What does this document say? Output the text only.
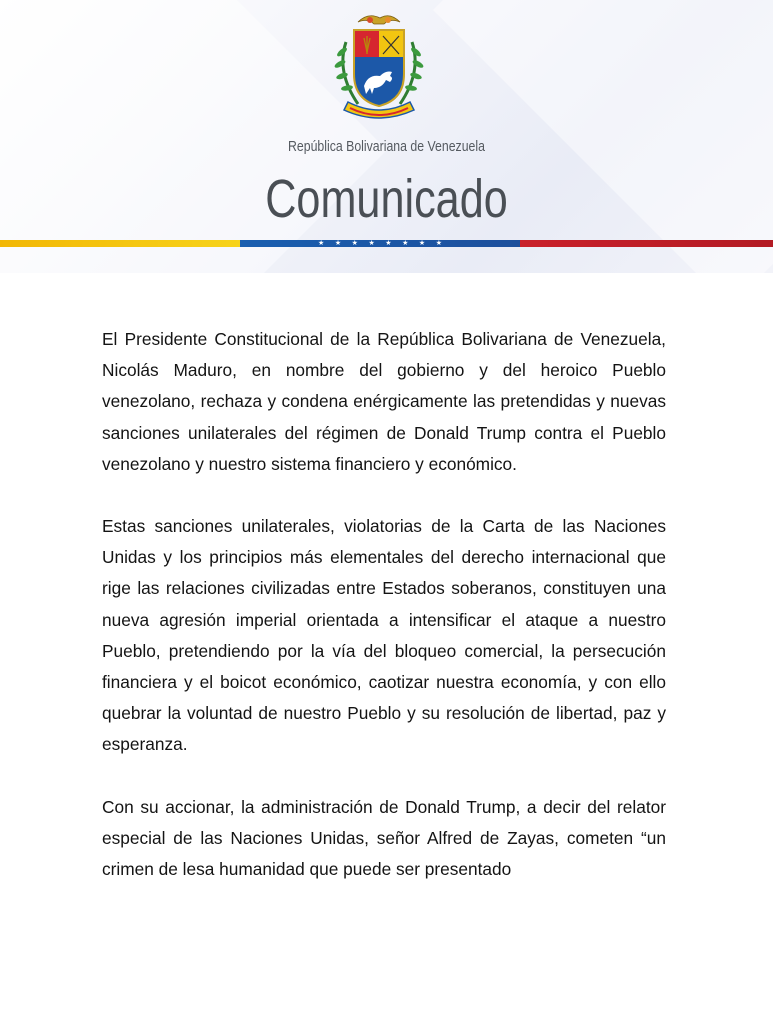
República Bolivariana de Venezuela
Comunicado
★ ★ ★ ★ ★ ★ ★ ★

El Presidente Constitucional de la República Bolivariana de Venezuela, Nicolás Maduro, en nombre del gobierno y del heroico Pueblo venezolano, rechaza y condena enérgicamente las pretendidas y nuevas sanciones unilaterales del régimen de Donald Trump contra el Pueblo venezolano y nuestro sistema financiero y económico.

Estas sanciones unilaterales, violatorias de la Carta de las Naciones Unidas y los principios más elementales del derecho internacional que rige las relaciones civilizadas entre Estados soberanos, constituyen una nueva agresión imperial orientada a intensificar el ataque a nuestro Pueblo, pretendiendo por la vía del bloqueo comercial, la persecución financiera y el boicot económico, caotizar nuestra economía, y con ello quebrar la voluntad de nuestro Pueblo y su resolución de libertad, paz y esperanza.

Con su accionar, la administración de Donald Trump, a decir del relator especial de las Naciones Unidas, señor Alfred de Zayas, cometen “un crimen de lesa humanidad que puede ser presentado
